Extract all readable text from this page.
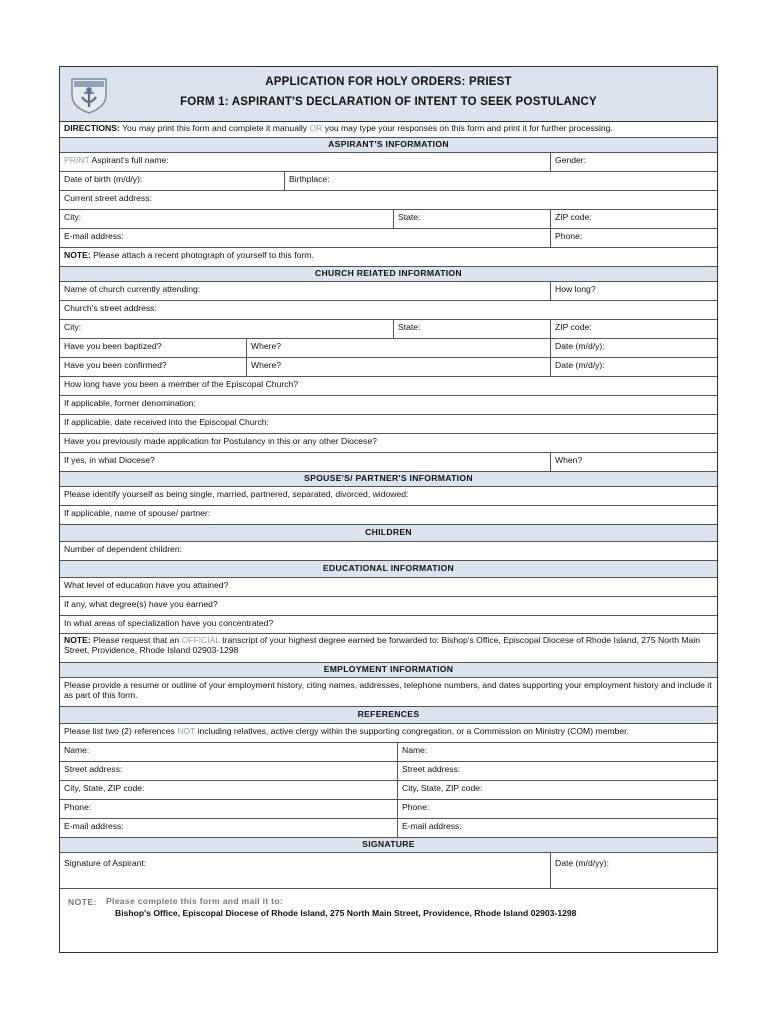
APPLICATION FOR HOLY ORDERS: PRIEST
FORM 1: ASPIRANT'S DECLARATION OF INTENT TO SEEK POSTULANCY
DIRECTIONS: You may print this form and complete it manually OR you may type your responses on this form and print it for further processing.
ASPIRANT'S INFORMATION
PRINT Aspirant's full name:	Gender:
Date of birth (m/d/y):	Birthplace:
Current street address:
City:	State:	ZIP code:
E-mail address:	Phone:
NOTE: Please attach a recent photograph of yourself to this form.
CHURCH REIATED INFORMATION
Name of church currently attending:	How long?
Church's street address:
City:	State:	ZIP code:
Have you been baptized?	Where?	Date (m/d/y):
Have you been confirmed?	Where?	Date (m/d/y):
How long have you been a member of the Episcopal Church?
If applicable, former denomination:
If applicable, date received into the Episcopal Church:
Have you previously made application for Postulancy in this or any other Diocese?
If yes, in what Diocese?	When?
SPOUSE'S/ PARTNER'S INFORMATION
Please identify yourself as being single, married, partnered, separated, divorced, widowed:
If applicable, name of spouse/ partner:
CHILDREN
Number of dependent children:
EDUCATIONAL INFORMATION
What level of education have you attained?
If any, what degree(s) have you earned?
In what areas of specialization have you concentrated?
NOTE: Please request that an OFFICIAL transcript of your highest degree earned be forwarded to: Bishop's Office, Episcopal Diocese of Rhode Island, 275 North Main Street, Providence, Rhode Island 02903-1298
EMPLOYMENT INFORMATION
Please provide a resume or outline of your employment history, citing names, addresses, telephone numbers, and dates supporting your employment history and include it as part of this form.
REFERENCES
Please list two (2) references NOT including relatives, active clergy within the supporting congregation, or a Commission on Ministry (COM) member.
Name:	Name:
Street address:	Street address:
City, State, ZIP code:	City, State, ZIP code:
Phone:	Phone:
E-mail address:	E-mail address:
SIGNATURE
Signature of Aspirant:	Date (m/d/yy):
NOTE: Please complete this form and mail it to:
Bishop's Office, Episcopal Diocese of Rhode Island, 275 North Main Street, Providence, Rhode Island 02903-1298
